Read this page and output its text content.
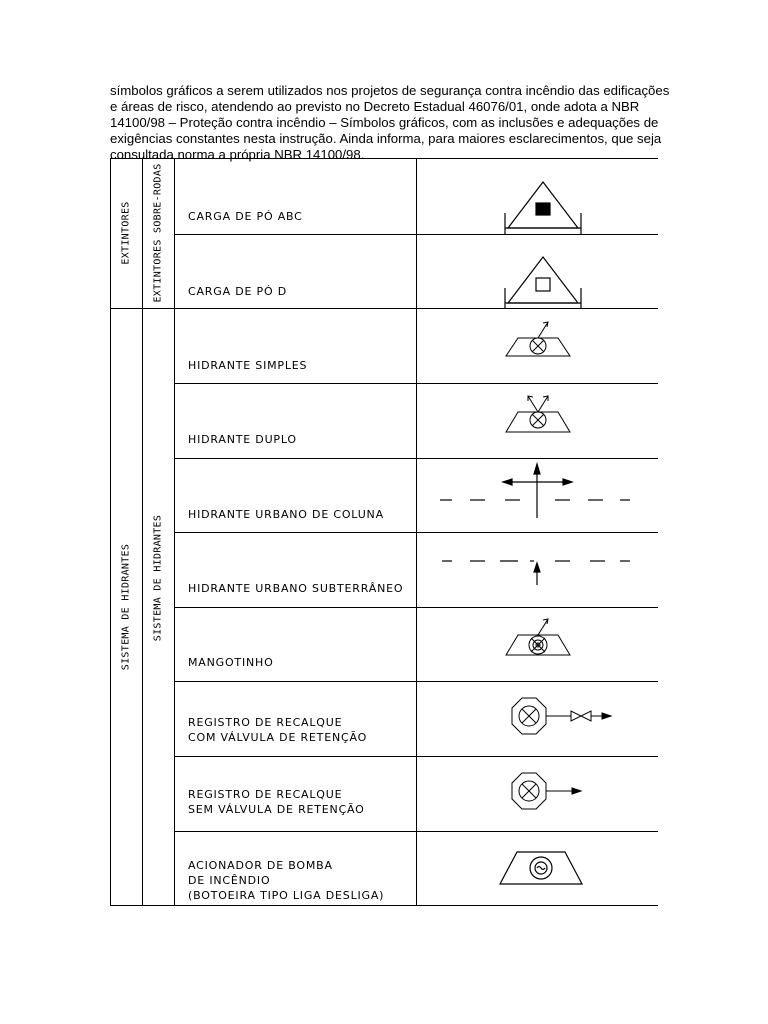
símbolos gráficos a serem utilizados nos projetos de segurança contra incêndio das edificações
e áreas de risco, atendendo ao previsto no Decreto Estadual 46076/01, onde adota a NBR
14100/98 – Proteção contra incêndio – Símbolos gráficos, com as inclusões e adequações de
exigências constantes nesta instrução. Ainda informa, para maiores esclarecimentos, que seja
consultada norma a própria NBR 14100/98.

EXTINTORES EXTINTORES SOBRE-RODAS
SISTEMA DE HIDRANTES SISTEMA DE HIDRANTES
CARGA DE PÓ ABC
CARGA DE PÓ D
HIDRANTE SIMPLES
HIDRANTE DUPLO
HIDRANTE URBANO DE COLUNA
HIDRANTE URBANO SUBTERRÂNEO
MANGOTINHO
REGISTRO DE RECALQUE
COM VÁLVULA DE RETENÇÃO
REGISTRO DE RECALQUE
SEM VÁLVULA DE RETENÇÃO
ACIONADOR DE BOMBA
DE INCÊNDIO
(BOTOEIRA TIPO LIGA DESLIGA)
